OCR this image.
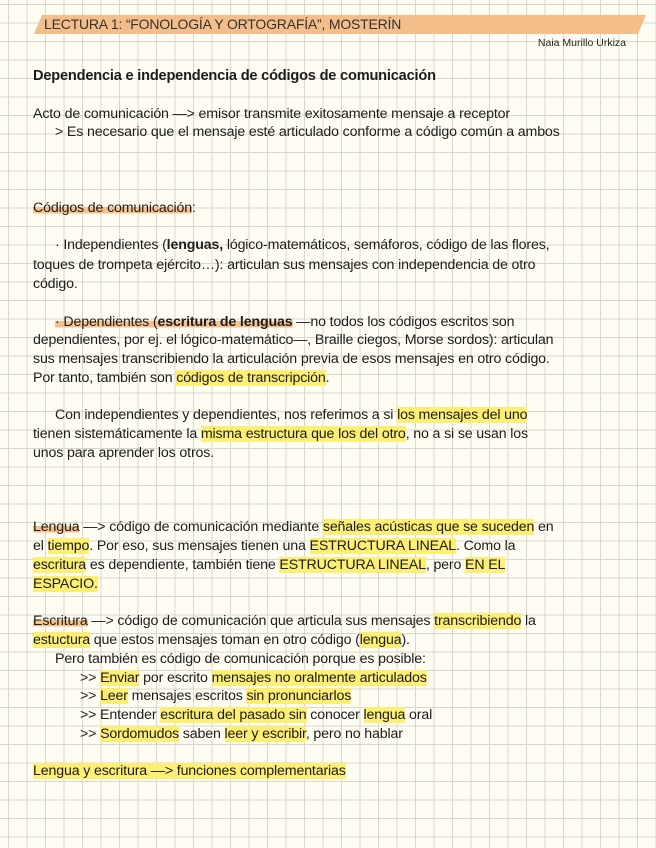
LECTURA 1: “FONOLOGÍA Y ORTOGRAFÍA”, MOSTERÍN
Naia Murillo Urkiza
Dependencia e independencia de códigos de comunicación
Acto de comunicación —> emisor transmite exitosamente mensaje a receptor
> Es necesario que el mensaje esté articulado conforme a código común a ambos
Códigos de comunicación:
· Independientes (lenguas, lógico-matemáticos, semáforos, código de las flores,
toques de trompeta ejército…): articulan sus mensajes con independencia de otro
código.
· Dependientes (escritura de lenguas —no todos los códigos escritos son
dependientes, por ej. el lógico-matemático—, Braille ciegos, Morse sordos): articulan
sus mensajes transcribiendo la articulación previa de esos mensajes en otro código.
Por tanto, también son códigos de transcripción.
Con independientes y dependientes, nos referimos a si los mensajes del uno
tienen sistemáticamente la misma estructura que los del otro, no a si se usan los
unos para aprender los otros.
Lengua —> código de comunicación mediante señales acústicas que se suceden en
el tiempo. Por eso, sus mensajes tienen una ESTRUCTURA LINEAL. Como la
escritura es dependiente, también tiene ESTRUCTURA LINEAL, pero EN EL
ESPACIO.
Escritura —> código de comunicación que articula sus mensajes transcribiendo la
estuctura que estos mensajes toman en otro código (lengua).
Pero también es código de comunicación porque es posible:
>> Enviar por escrito mensajes no oralmente articulados
>> Leer mensajes escritos sin pronunciarlos
>> Entender escritura del pasado sin conocer lengua oral
>> Sordomudos saben leer y escribir, pero no hablar
Lengua y escritura —> funciones complementarias
